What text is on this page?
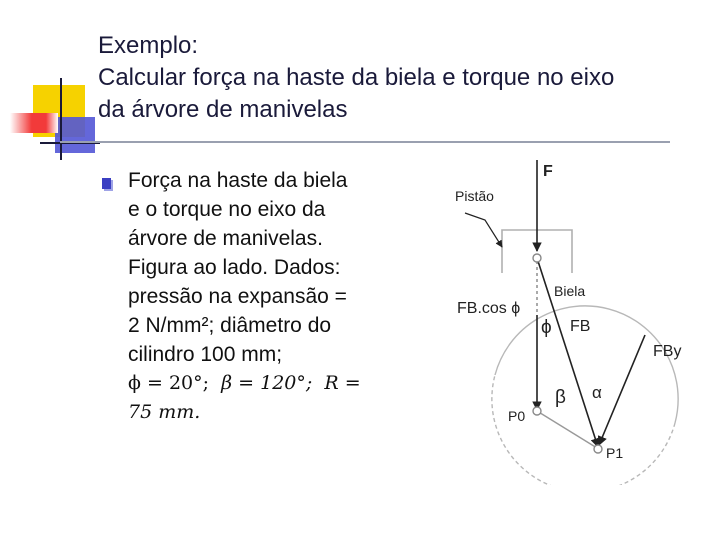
Exemplo:
Calcular força na haste da biela e torque no eixo
da árvore de manivelas
Força na haste da biela
e o torque no eixo da
árvore de manivelas.
Figura ao lado. Dados:
pressão na expansão =
2 N/mm²; diâmetro do
cilindro 100 mm;
ϕ = 20°; β = 120°; R =
75 mm.
F
Pistão
Biela
FB.cos ϕ
ϕ FB
FBy
β α
P0
P1
